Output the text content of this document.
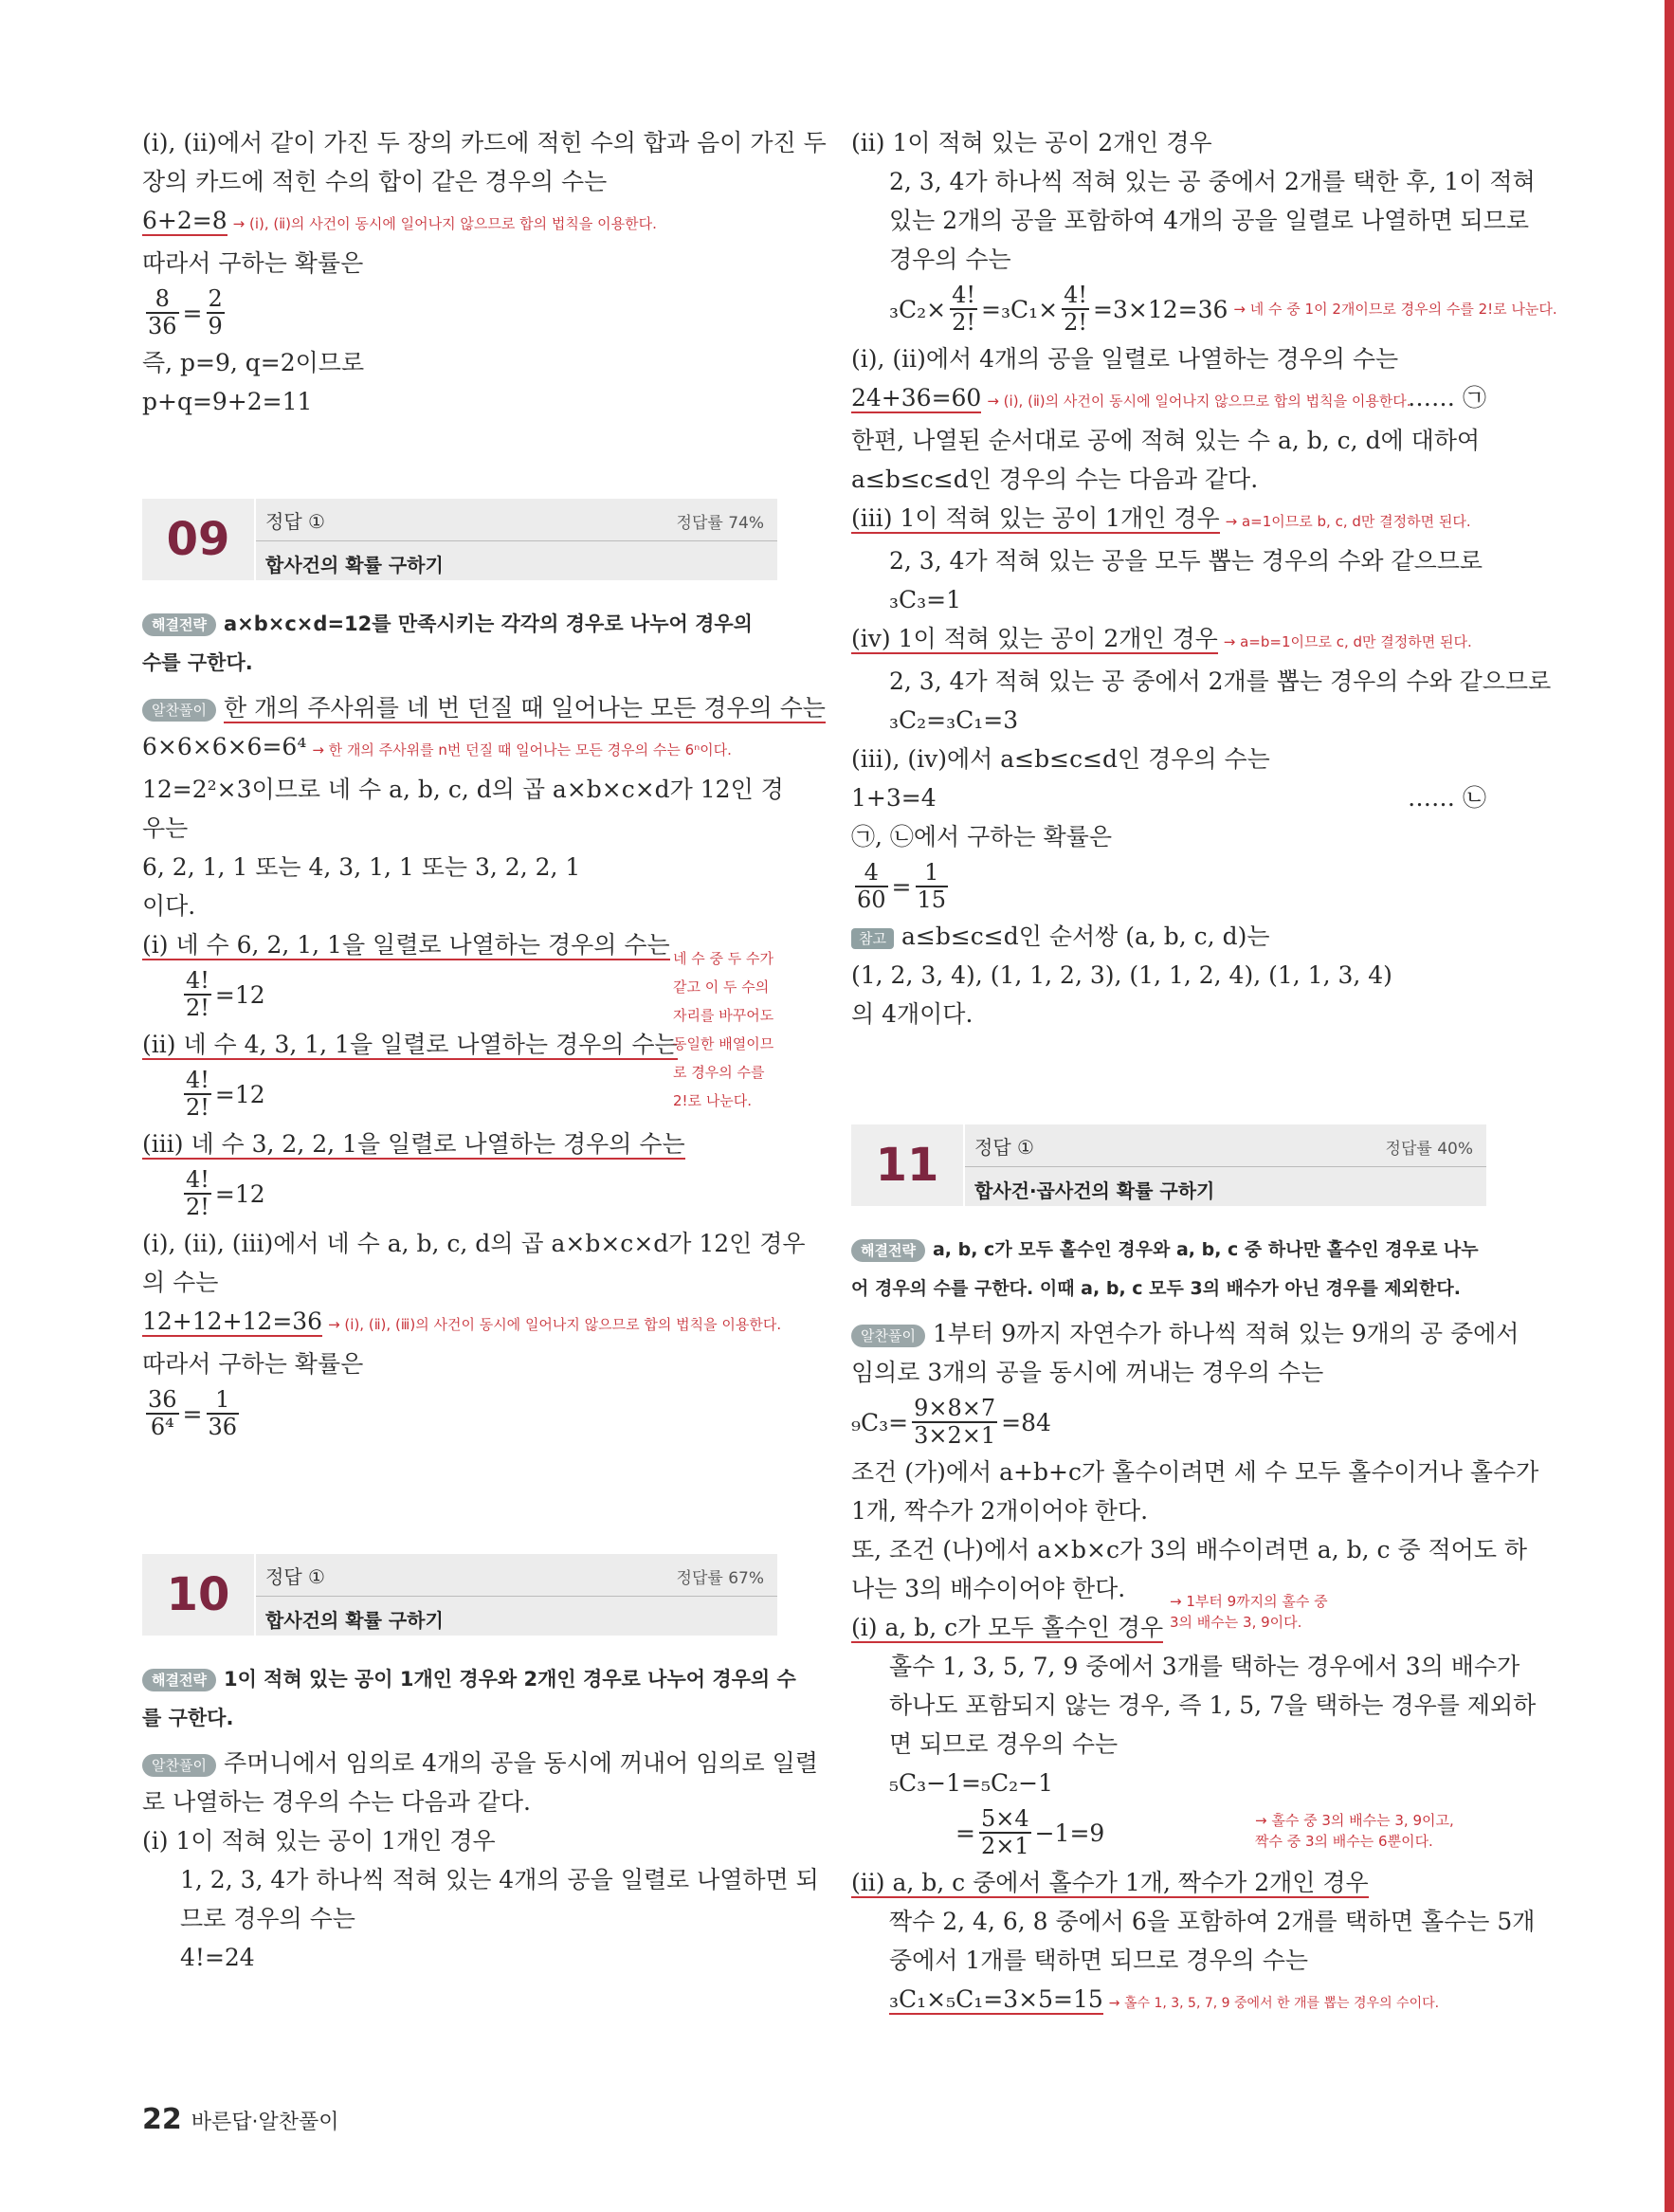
(ⅰ), (ⅱ)에서 같이 가진 두 장의 카드에 적힌 수의 합과 음이 가진 두
장의 카드에 적힌 수의 합이 같은 경우의 수는
6+2=8 → (ⅰ), (ⅱ)의 사건이 동시에 일어나지 않으므로 합의 법칙을 이용한다.
따라서 구하는 확률은
$\frac{8}{36} = \frac{2}{9}$
즉, p=9, q=2이므로
p+q=9+2=11
09	정답 ①	정답률 74%
합사건의 확률 구하기
해결전략 a×b×c×d=12를 만족시키는 각각의 경우로 나누어 경우의
수를 구한다.
알찬풀이 한 개의 주사위를 네 번 던질 때 일어나는 모든 경우의 수는
6×6×6×6=6⁴ → 한 개의 주사위를 n번 던질 때 일어나는 모든 경우의 수는 6ⁿ이다.
12=2²×3이므로 네 수 a, b, c, d의 곱 a×b×c×d가 12인 경
우는
6, 2, 1, 1 또는 4, 3, 1, 1 또는 3, 2, 2, 1
이다.
(ⅰ) 네 수 6, 2, 1, 1을 일렬로 나열하는 경우의 수는
$\frac{4!}{2!} =12$
(ⅱ) 네 수 4, 3, 1, 1을 일렬로 나열하는 경우의 수는
$\frac{4!}{2!} =12$
(ⅲ) 네 수 3, 2, 2, 1을 일렬로 나열하는 경우의 수는
$\frac{4!}{2!} =12$
네 수 중 두 수가 같고 이 두 수의 자리를 바꾸어도 동일한 배열이므로 경우의 수를 2!로 나눈다.
(ⅰ), (ⅱ), (ⅲ)에서 네 수 a, b, c, d의 곱 a×b×c×d가 12인 경우
의 수는
12+12+12=36 → (ⅰ), (ⅱ), (ⅲ)의 사건이 동시에 일어나지 않으므로 합의 법칙을 이용한다.
따라서 구하는 확률은
$\frac{36}{\text{6⁴}} = \frac{1}{36}$
10	정답 ①	정답률 67%
합사건의 확률 구하기
해결전략 1이 적혀 있는 공이 1개인 경우와 2개인 경우로 나누어 경우의 수
를 구한다.
알찬풀이 주머니에서 임의로 4개의 공을 동시에 꺼내어 임의로 일렬
로 나열하는 경우의 수는 다음과 같다.
(ⅰ) 1이 적혀 있는 공이 1개인 경우
1, 2, 3, 4가 하나씩 적혀 있는 4개의 공을 일렬로 나열하면 되
므로 경우의 수는
4!=24
(ⅱ) 1이 적혀 있는 공이 2개인 경우
2, 3, 4가 하나씩 적혀 있는 공 중에서 2개를 택한 후, 1이 적혀
있는 2개의 공을 포함하여 4개의 공을 일렬로 나열하면 되므로
경우의 수는
$_3C_2\times \frac{4!}{2!} =_3C_1\times \frac{4!}{2!} =3\times 12=36$ → 네 수 중 1이 2개이므로 경우의 수를 2!로 나눈다.
(ⅰ), (ⅱ)에서 4개의 공을 일렬로 나열하는 경우의 수는
24+36=60 → (ⅰ), (ⅱ)의 사건이 동시에 일어나지 않으므로 합의 법칙을 이용한다.
…… ㉠
한편, 나열된 순서대로 공에 적혀 있는 수 a, b, c, d에 대하여
a≤b≤c≤d인 경우의 수는 다음과 같다.
(ⅲ) 1이 적혀 있는 공이 1개인 경우 → a=1이므로 b, c, d만 결정하면 된다.
2, 3, 4가 적혀 있는 공을 모두 뽑는 경우의 수와 같으므로
₃C₃=1
(ⅳ) 1이 적혀 있는 공이 2개인 경우 → a=b=1이므로 c, d만 결정하면 된다.
2, 3, 4가 적혀 있는 공 중에서 2개를 뽑는 경우의 수와 같으므로
₃C₂=₃C₁=3
(ⅲ), (ⅳ)에서 a≤b≤c≤d인 경우의 수는
1+3=4	…… ㉡
㉠, ㉡에서 구하는 확률은
$\frac{4}{60} = \frac{1}{15}$
참고 a≤b≤c≤d인 순서쌍 (a, b, c, d)는
(1, 2, 3, 4), (1, 1, 2, 3), (1, 1, 2, 4), (1, 1, 3, 4)
의 4개이다.
11	정답 ①	정답률 40%
합사건·곱사건의 확률 구하기
해결전략 a, b, c가 모두 홀수인 경우와 a, b, c 중 하나만 홀수인 경우로 나누
어 경우의 수를 구한다. 이때 a, b, c 모두 3의 배수가 아닌 경우를 제외한다.
알찬풀이 1부터 9까지 자연수가 하나씩 적혀 있는 9개의 공 중에서
임의로 3개의 공을 동시에 꺼내는 경우의 수는
$_9C_3= \frac{9\times 8\times 7}{3\times 2\times 1} =84$
조건 (가)에서 a+b+c가 홀수이려면 세 수 모두 홀수이거나 홀수가
1개, 짝수가 2개이어야 한다.
또, 조건 (나)에서 a×b×c가 3의 배수이려면 a, b, c 중 적어도 하
나는 3의 배수이어야 한다.
(ⅰ) a, b, c가 모두 홀수인 경우
→ 1부터 9까지의 홀수 중
3의 배수는 3, 9이다.
홀수 1, 3, 5, 7, 9 중에서 3개를 택하는 경우에서 3의 배수가
하나도 포함되지 않는 경우, 즉 1, 5, 7을 택하는 경우를 제외하
면 되므로 경우의 수는
₅C₃−1=₅C₂−1
= $\frac{5\times 4}{2\times 1} -1=9$	→ 홀수 중 3의 배수는 3, 9이고,
짝수 중 3의 배수는 6뿐이다.
(ⅱ) a, b, c 중에서 홀수가 1개, 짝수가 2개인 경우
짝수 2, 4, 6, 8 중에서 6을 포함하여 2개를 택하면 홀수는 5개
중에서 1개를 택하면 되므로 경우의 수는
₃C₁×₅C₁=3×5=15 → 홀수 1, 3, 5, 7, 9 중에서 한 개를 뽑는 경우의 수이다.
22 바른답·알찬풀이
